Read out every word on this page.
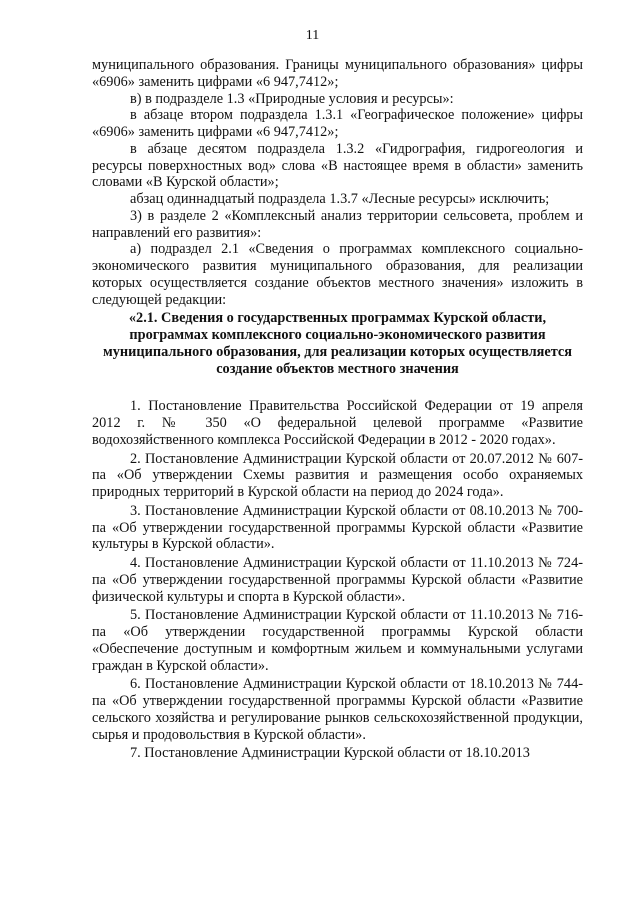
11

муниципального образования. Границы муниципального образования» цифры «6906» заменить цифрами «6 947,7412»;

в) в подразделе 1.3 «Природные условия и ресурсы»:

в абзаце втором подраздела 1.3.1 «Географическое положение» цифры «6906» заменить цифрами «6 947,7412»;

в абзаце десятом подраздела 1.3.2 «Гидрография, гидрогеология и ресурсы поверхностных вод» слова «В настоящее время в области» заменить словами «В Курской области»;

абзац одиннадцатый подраздела 1.3.7 «Лесные ресурсы» исключить;

3) в разделе 2 «Комплексный анализ территории сельсовета, проблем и направлений его развития»:

а) подраздел 2.1 «Сведения о программах комплексного социально-экономического развития муниципального образования, для реализации которых осуществляется создание объектов местного значения» изложить в следующей редакции:

«2.1. Сведения о государственных программах Курской области, программах комплексного социально-экономического развития муниципального образования, для реализации которых осуществляется создание объектов местного значения

1. Постановление Правительства Российской Федерации от 19 апреля 2012 г. № 350 «О федеральной целевой программе «Развитие водохозяйственного комплекса Российской Федерации в 2012 - 2020 годах».

2. Постановление Администрации Курской области от 20.07.2012 № 607-па «Об утверждении Схемы развития и размещения особо охраняемых природных территорий в Курской области на период до 2024 года».

3. Постановление Администрации Курской области от 08.10.2013 № 700-па «Об утверждении государственной программы Курской области «Развитие культуры в Курской области».

4. Постановление Администрации Курской области от 11.10.2013 № 724-па «Об утверждении государственной программы Курской области «Развитие физической культуры и спорта в Курской области».

5. Постановление Администрации Курской области от 11.10.2013 № 716-па «Об утверждении государственной программы Курской области «Обеспечение доступным и комфортным жильем и коммунальными услугами граждан в Курской области».

6. Постановление Администрации Курской области от 18.10.2013 № 744-па «Об утверждении государственной программы Курской области «Развитие сельского хозяйства и регулирование рынков сельскохозяйственной продукции, сырья и продовольствия в Курской области».

7. Постановление Администрации Курской области от 18.10.2013
